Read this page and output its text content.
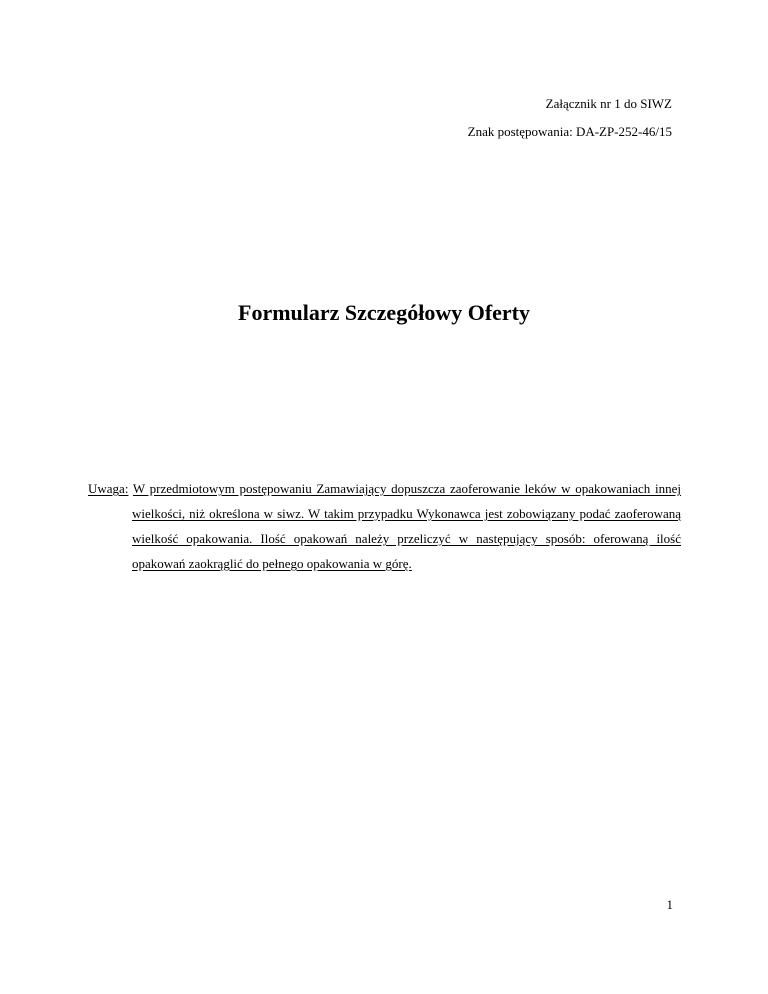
Załącznik nr 1 do SIWZ
Znak postępowania: DA-ZP-252-46/15
Formularz Szczegółowy Oferty
Uwaga: W przedmiotowym postępowaniu Zamawiający dopuszcza zaoferowanie leków w opakowaniach innej
wielkości, niż określona w siwz. W takim przypadku Wykonawca jest zobowiązany podać zaoferowaną
wielkość opakowania. Ilość opakowań należy przeliczyć w następujący sposób: oferowaną ilość
opakowań zaokrąglić do pełnego opakowania w górę.
1
